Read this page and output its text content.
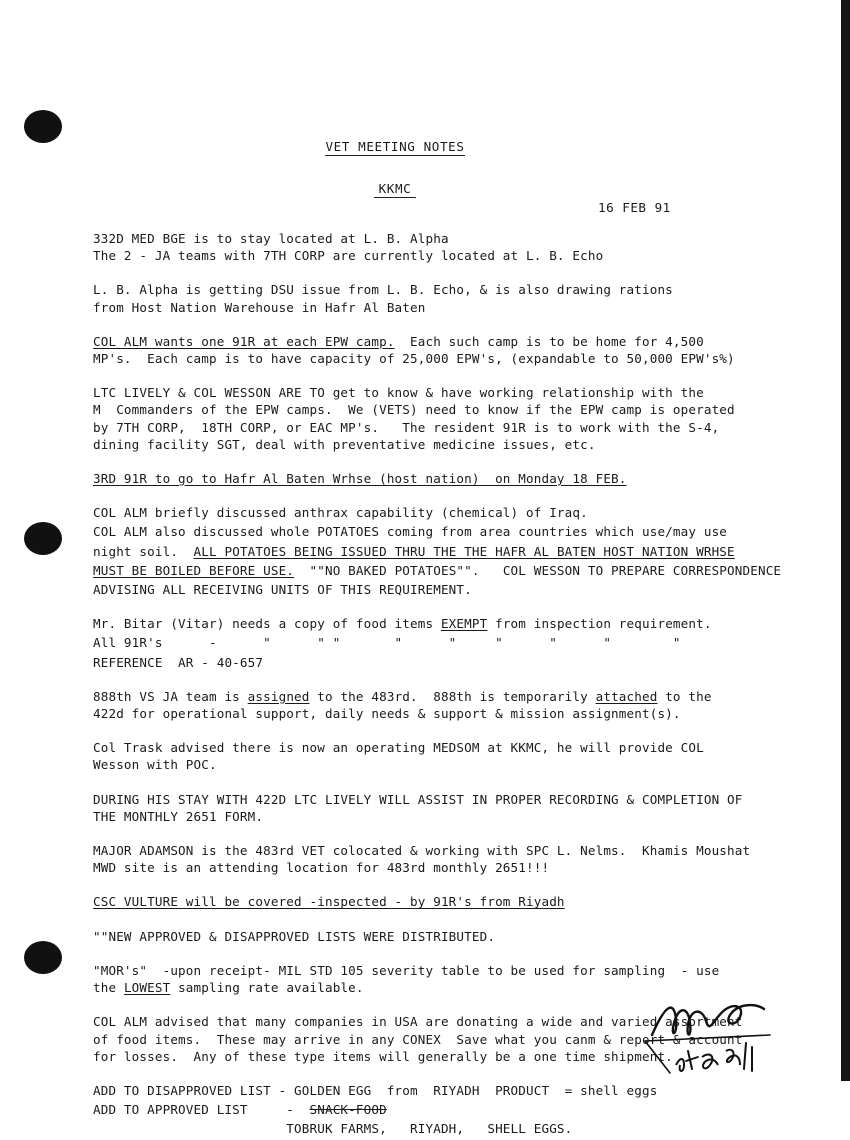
VET MEETING NOTES
KKMC
16 FEB 91

332D MED BGE is to stay located at L. B. Alpha
The 2 - JA teams with 7TH CORP are currently located at L. B. Echo

L. B. Alpha is getting DSU issue from L. B. Echo, & is also drawing rations
from Host Nation Warehouse in Hafr Al Baten

COL ALM wants one 91R at each EPW camp.  Each such camp is to be home for 4,500
MP's.  Each camp is to have capacity of 25,000 EPW's, (expandable to 50,000 EPW's%)

LTC LIVELY & COL WESSON ARE TO get to know & have working relationship with the
M  Commanders of the EPW camps.  We (VETS) need to know if the EPW camp is operated
by 7TH CORP,  18TH CORP, or EAC MP's.   The resident 91R is to work with the S-4,
dining facility SGT, deal with preventative medicine issues, etc.

3RD 91R to go to Hafr Al Baten Wrhse (host nation)  on Monday 18 FEB.

COL ALM briefly discussed anthrax capability (chemical) of Iraq.

COL ALM also discussed whole POTATOES coming from area countries which use/may use

night soil.  ALL POTATOES BEING ISSUED THRU THE THE HAFR AL BATEN HOST NATION WRHSE

MUST BE BOILED BEFORE USE.  ""NO BAKED POTATOES"".   COL WESSON TO PREPARE CORRESPONDENCE

ADVISING ALL RECEIVING UNITS OF THIS REQUIREMENT.

Mr. Bitar (Vitar) needs a copy of food items EXEMPT from inspection requirement.

All 91R's      -      "      " "       "      "     "      "      "        "

REFERENCE  AR - 40-657

888th VS JA team is assigned to the 483rd.  888th is temporarily attached to the
422d for operational support, daily needs & support & mission assignment(s).

Col Trask advised there is now an operating MEDSOM at KKMC, he will provide COL
Wesson with POC.

DURING HIS STAY WITH 422D LTC LIVELY WILL ASSIST IN PROPER RECORDING & COMPLETION OF
THE MONTHLY 2651 FORM.

MAJOR ADAMSON is the 483rd VET colocated & working with SPC L. Nelms.  Khamis Moushat
MWD site is an attending location for 483rd monthly 2651!!!

CSC VULTURE will be covered -inspected - by 91R's from Riyadh

""NEW APPROVED & DISAPPROVED LISTS WERE DISTRIBUTED.

"MOR's"  -upon receipt- MIL STD 105 severity table to be used for sampling  - use
the LOWEST sampling rate available.

COL ALM advised that many companies in USA are donating a wide and varied assortment
of food items.  These may arrive in any CONEX  Save what you canm & report & account
for losses.  Any of these type items will generally be a one time shipment.

ADD TO DISAPPROVED LIST - GOLDEN EGG  from  RIYADH  PRODUCT  = shell eggs

ADD TO APPROVED LIST     -  SNACK-FOOD

TOBRUK FARMS,   RIYADH,   SHELL EGGS.
